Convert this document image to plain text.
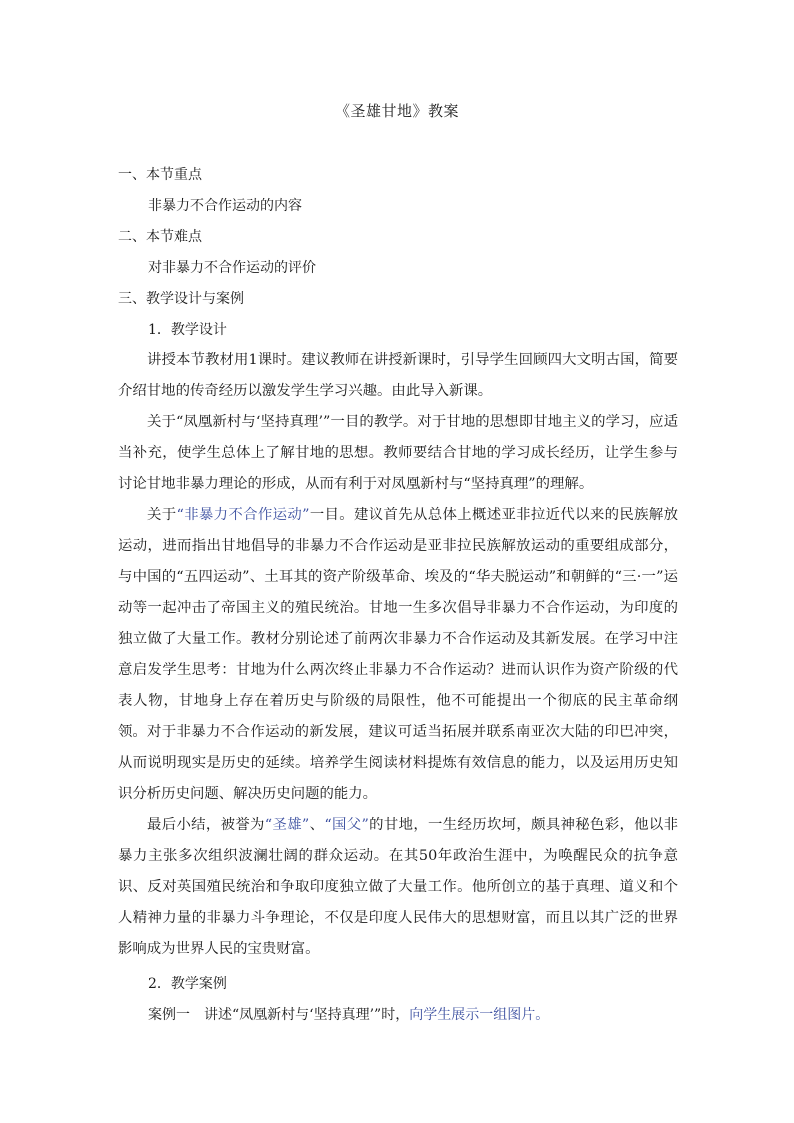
《圣雄甘地》教案
一、本节重点
非暴力不合作运动的内容
二、本节难点
对非暴力不合作运动的评价
三、教学设计与案例
1．教学设计
讲授本节教材用1课时。建议教师在讲授新课时，引导学生回顾四大文明古国，简要介绍甘地的传奇经历以激发学生学习兴趣。由此导入新课。
关于“凤凰新村与‘坚持真理’”一目的教学。对于甘地的思想即甘地主义的学习，应适当补充，使学生总体上了解甘地的思想。教师要结合甘地的学习成长经历，让学生参与讨论甘地非暴力理论的形成，从而有利于对凤凰新村与“坚持真理”的理解。
关于“非暴力不合作运动”一目。建议首先从总体上概述亚非拉近代以来的民族解放运动，进而指出甘地倡导的非暴力不合作运动是亚非拉民族解放运动的重要组成部分，与中国的“五四运动”、土耳其的资产阶级革命、埃及的“华夫脱运动”和朝鲜的“三·一”运动等一起冲击了帝国主义的殖民统治。甘地一生多次倡导非暴力不合作运动，为印度的独立做了大量工作。教材分别论述了前两次非暴力不合作运动及其新发展。在学习中注意启发学生思考：甘地为什么两次终止非暴力不合作运动？进而认识作为资产阶级的代表人物，甘地身上存在着历史与阶级的局限性，他不可能提出一个彻底的民主革命纲领。 对于非暴力不合作运动的新发展，建议可适当拓展并联系南亚次大陆的印巴冲突，从而说明现实是历史的延续。培养学生阅读材料提炼有效信息的能力，以及运用历史知识分析历史问题、解决历史问题的能力。
最后小结，被誉为“圣雄”、“国父”的甘地，一生经历坎坷，颇具神秘色彩，他以非暴力主张多次组织波澜壮阔的群众运动。在其50年政治生涯中，为唤醒民众的抗争意识、反对英国殖民统治和争取印度独立做了大量工作。他所创立的基于真理、道义和个人精神力量的非暴力斗争理论，不仅是印度人民伟大的思想财富，而且以其广泛的世界影响成为世界人民的宝贵财富。
2．教学案例
案例一 讲述“凤凰新村与‘坚持真理’”时，向学生展示一组图片。
